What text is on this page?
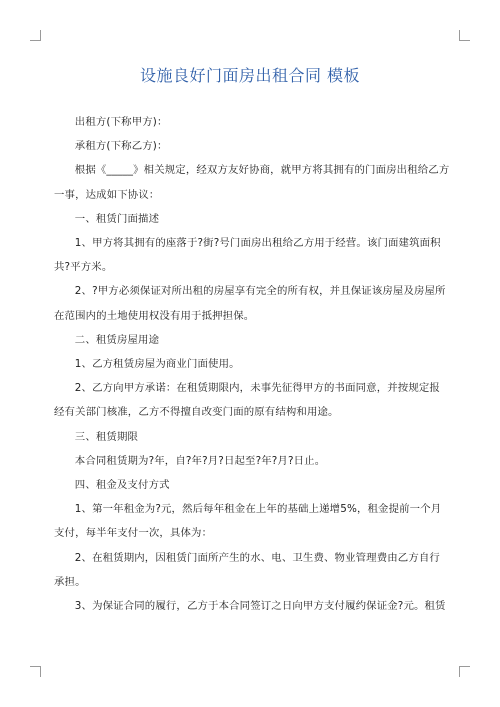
设施良好门面房出租合同 模板

出租方(下称甲方)：

承租方(下称乙方)：

根据《_____》相关规定，经双方友好协商，就甲方将其拥有的门面房出租给乙方

一事，达成如下协议：

一、租赁门面描述

1、甲方将其拥有的座落于?街?号门面房出租给乙方用于经营。该门面建筑面积

共?平方米。

2、?甲方必须保证对所出租的房屋享有完全的所有权，并且保证该房屋及房屋所

在范围内的土地使用权没有用于抵押担保。

二、租赁房屋用途

1、乙方租赁房屋为商业门面使用。

2、乙方向甲方承诺：在租赁期限内，未事先征得甲方的书面同意，并按规定报

经有关部门核准，乙方不得擅自改变门面的原有结构和用途。

三、租赁期限

本合同租赁期为?年，自?年?月?日起至?年?月?日止。

四、租金及支付方式

1、第一年租金为?元，然后每年租金在上年的基础上递增5%，租金提前一个月

支付，每半年支付一次，具体为：

2、在租赁期内，因租赁门面所产生的水、电、卫生费、物业管理费由乙方自行

承担。

3、为保证合同的履行，乙方于本合同签订之日向甲方支付履约保证金?元。租赁
